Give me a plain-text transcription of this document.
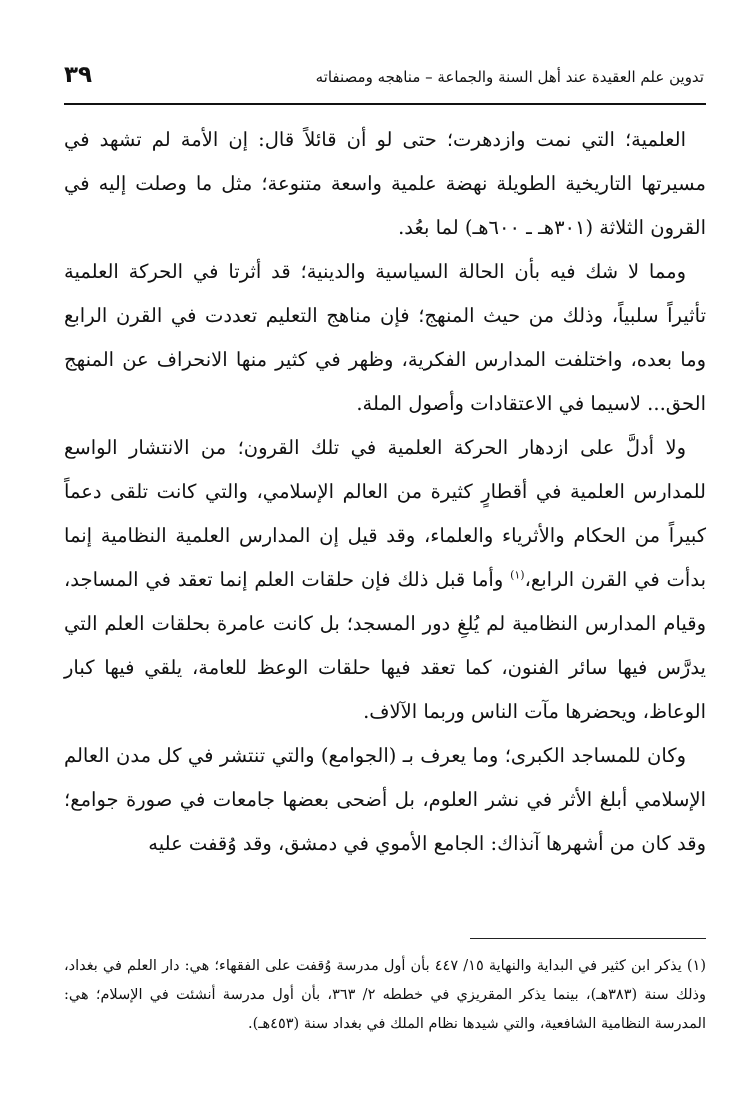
تدوين علم العقيدة عند أهل السنة والجماعة – مناهجه ومصنفاته
٣٩

العلمية؛ التي نمت وازدهرت؛ حتى لو أن قائلاً قال: إن الأمة لم تشهد في مسيرتها التاريخية الطويلة نهضة علمية واسعة متنوعة؛ مثل ما وصلت إليه في القرون الثلاثة (٣٠١هـ ـ ٦٠٠هـ) لما بعُد.

ومما لا شك فيه بأن الحالة السياسية والدينية؛ قد أثرتا في الحركة العلمية تأثيراً سلبياً، وذلك من حيث المنهج؛ فإن مناهج التعليم تعددت في القرن الرابع وما بعده، واختلفت المدارس الفكرية، وظهر في كثير منها الانحراف عن المنهج الحق... لاسيما في الاعتقادات وأصول الملة.

ولا أدلَّ على ازدهار الحركة العلمية في تلك القرون؛ من الانتشار الواسع للمدارس العلمية في أقطارٍ كثيرة من العالم الإسلامي، والتي كانت تلقى دعماً كبيراً من الحكام والأثرياء والعلماء، وقد قيل إن المدارس العلمية النظامية إنما بدأت في القرن الرابع،$^{(١)}$ وأما قبل ذلك فإن حلقات العلم إنما تعقد في المساجد، وقيام المدارس النظامية لم يُلغِ دور المسجد؛ بل كانت عامرة بحلقات العلم التي يدرَّس فيها سائر الفنون، كما تعقد فيها حلقات الوعظ للعامة، يلقي فيها كبار الوعاظ، ويحضرها مآت الناس وربما الآلاف.

وكان للمساجد الكبرى؛ وما يعرف بـ (الجوامع) والتي تنتشر في كل مدن العالم الإسلامي أبلغ الأثر في نشر العلوم، بل أضحى بعضها جامعات في صورة جوامع؛ وقد كان من أشهرها آنذاك: الجامع الأموي في دمشق، وقد وُقفت عليه

(١) يذكر ابن كثير في البداية والنهاية ١٥/ ٤٤٧ بأن أول مدرسة وُقفت على الفقهاء؛ هي: دار العلم في بغداد، وذلك سنة (٣٨٣هـ)، بينما يذكر المقريزي في خططه ٢/ ٣٦٣، بأن أول مدرسة أنشئت في الإسلام؛ هي: المدرسة النظامية الشافعية، والتي شيدها نظام الملك في بغداد سنة (٤٥٣هـ).
